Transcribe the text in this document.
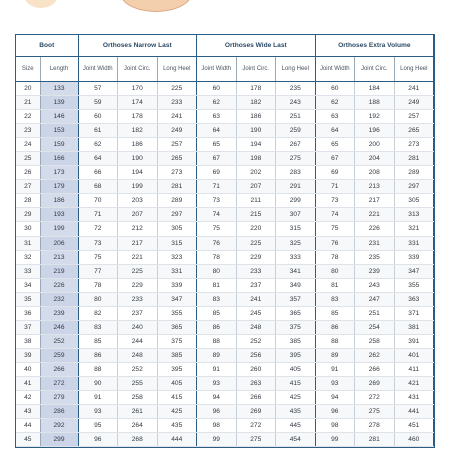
Boot		Orthoses Narrow Last			Orthoses Wide Last			Orthoses Extra Volume		
Size	Length	Joint Width	Joint Circ.	Long Heel	Joint Width	Joint Circ.	Long Heel	Joint Width	Joint Circ.	Long Heel
20	133	57	170	225	60	178	235	60	184	241
21	139	59	174	233	62	182	243	62	188	249
22	146	60	178	241	63	186	251	63	192	257
23	153	61	182	249	64	190	259	64	196	265
24	159	62	186	257	65	194	267	65	200	273
25	166	64	190	265	67	198	275	67	204	281
26	173	66	194	273	69	202	283	69	208	289
27	179	68	199	281	71	207	291	71	213	297
28	186	70	203	289	73	211	299	73	217	305
29	193	71	207	297	74	215	307	74	221	313
30	199	72	212	305	75	220	315	75	226	321
31	206	73	217	315	76	225	325	76	231	331
32	213	75	221	323	78	229	333	78	235	339
33	219	77	225	331	80	233	341	80	239	347
34	226	78	229	339	81	237	349	81	243	355
35	232	80	233	347	83	241	357	83	247	363
36	239	82	237	355	85	245	365	85	251	371
37	246	83	240	365	86	248	375	86	254	381
38	252	85	244	375	88	252	385	88	258	391
39	259	86	248	385	89	256	395	89	262	401
40	266	88	252	395	91	260	405	91	266	411
41	272	90	255	405	93	263	415	93	269	421
42	279	91	258	415	94	266	425	94	272	431
43	286	93	261	425	96	269	435	96	275	441
44	292	95	264	435	98	272	445	98	278	451
45	299	96	268	444	99	275	454	99	281	460
